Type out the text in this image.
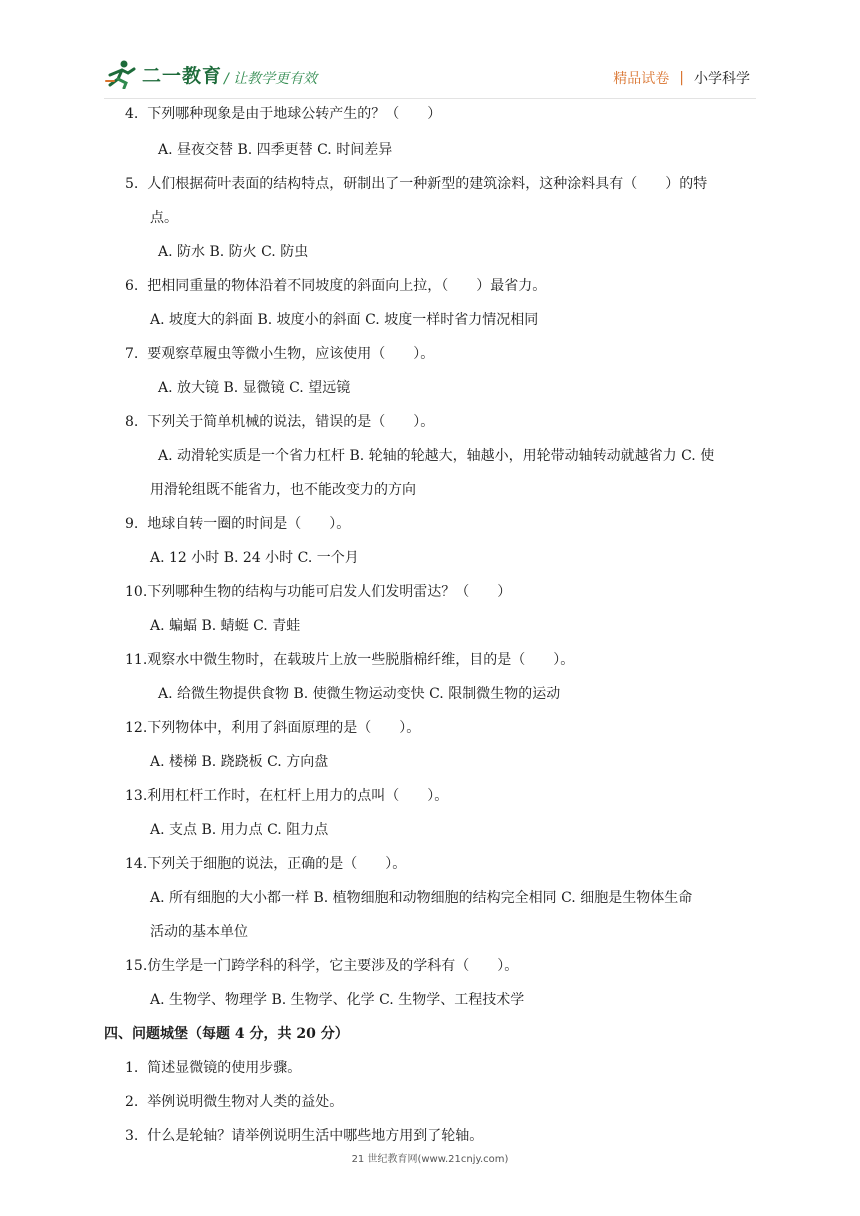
二一教育 / 让教学更有效	精品试卷 | 小学科学
4. 下列哪种现象是由于地球公转产生的？（　　）
A. 昼夜交替 B. 四季更替 C. 时间差异
5. 人们根据荷叶表面的结构特点，研制出了一种新型的建筑涂料，这种涂料具有（　　）的特
点。
A. 防水 B. 防火 C. 防虫
6. 把相同重量的物体沿着不同坡度的斜面向上拉，（　　）最省力。
A. 坡度大的斜面 B. 坡度小的斜面 C. 坡度一样时省力情况相同
7. 要观察草履虫等微小生物，应该使用（　　）。
A. 放大镜 B. 显微镜 C. 望远镜
8. 下列关于简单机械的说法，错误的是（　　）。
A. 动滑轮实质是一个省力杠杆 B. 轮轴的轮越大，轴越小，用轮带动轴转动就越省力 C. 使
用滑轮组既不能省力，也不能改变力的方向
9. 地球自转一圈的时间是（　　）。
A. 12 小时 B. 24 小时 C. 一个月
10.下列哪种生物的结构与功能可启发人们发明雷达？（　　）
A. 蝙蝠 B. 蜻蜓 C. 青蛙
11.观察水中微生物时，在载玻片上放一些脱脂棉纤维，目的是（　　）。
A. 给微生物提供食物 B. 使微生物运动变快 C. 限制微生物的运动
12.下列物体中，利用了斜面原理的是（　　）。
A. 楼梯 B. 跷跷板 C. 方向盘
13.利用杠杆工作时，在杠杆上用力的点叫（　　）。
A. 支点 B. 用力点 C. 阻力点
14.下列关于细胞的说法，正确的是（　　）。
A. 所有细胞的大小都一样 B. 植物细胞和动物细胞的结构完全相同 C. 细胞是生物体生命
活动的基本单位
15.仿生学是一门跨学科的科学，它主要涉及的学科有（　　）。
A. 生物学、物理学 B. 生物学、化学 C. 生物学、工程技术学
四、问题城堡（每题 4 分，共 20 分）
1. 简述显微镜的使用步骤。
2. 举例说明微生物对人类的益处。
3. 什么是轮轴？请举例说明生活中哪些地方用到了轮轴。
21 世纪教育网(www.21cnjy.com)
